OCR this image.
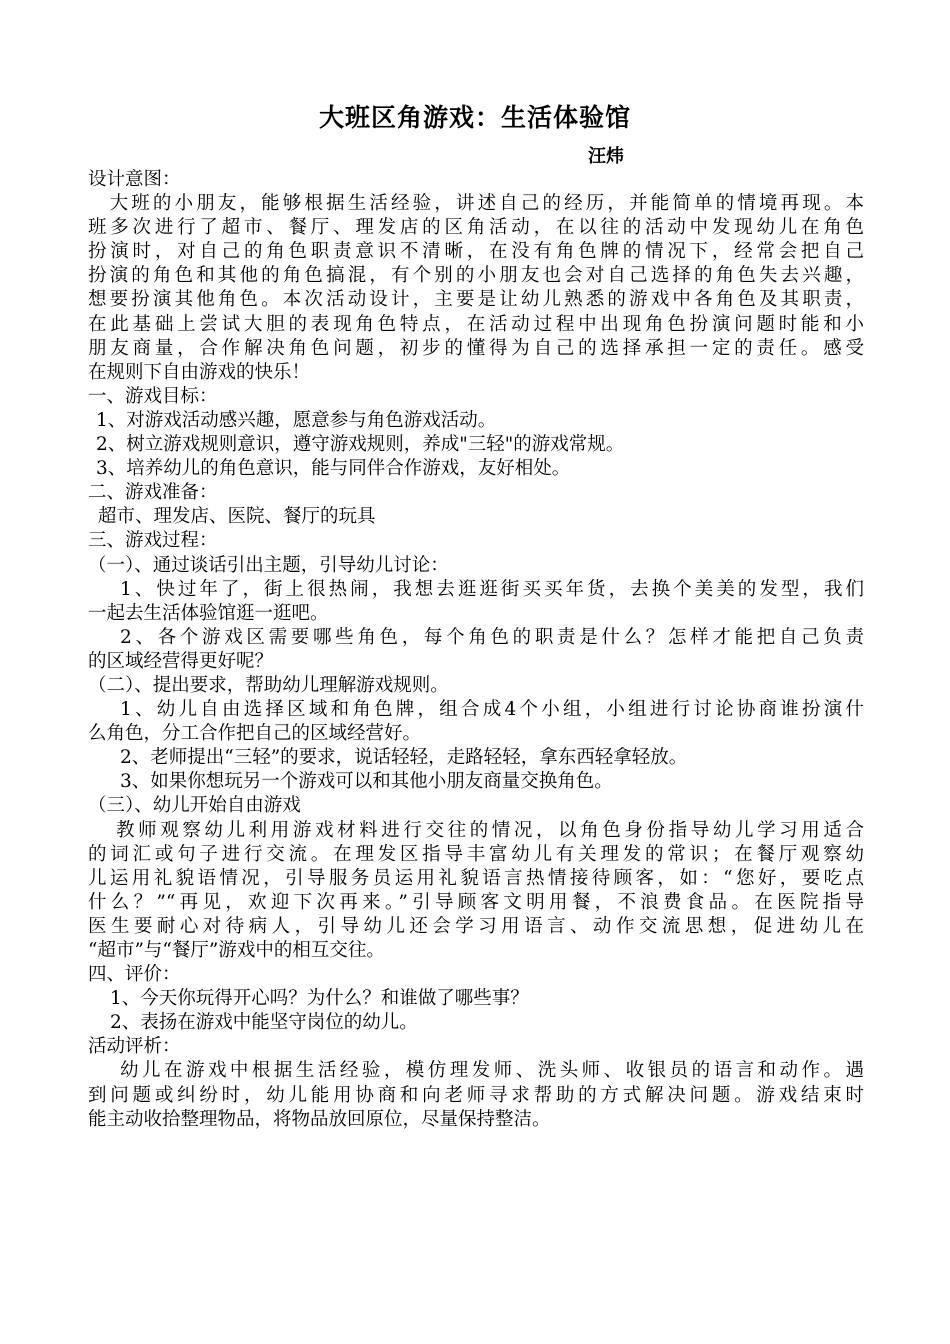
大班区角游戏：生活体验馆
汪炜
设计意图：
　大班的小朋友，能够根据生活经验，讲述自己的经历，并能简单的情境再现。本
班多次进行了超市、餐厅、理发店的区角活动，在以往的活动中发现幼儿在角色
扮演时，对自己的角色职责意识不清晰，在没有角色牌的情况下，经常会把自己
扮演的角色和其他的角色搞混，有个别的小朋友也会对自己选择的角色失去兴趣，
想要扮演其他角色。本次活动设计，主要是让幼儿熟悉的游戏中各角色及其职责，
在此基础上尝试大胆的表现角色特点，在活动过程中出现角色扮演问题时能和小
朋友商量，合作解决角色问题，初步的懂得为自己的选择承担一定的责任。感受
在规则下自由游戏的快乐！
一、游戏目标：
1、对游戏活动感兴趣，愿意参与角色游戏活动。
2、树立游戏规则意识，遵守游戏规则，养成"三轻"的游戏常规。
3、培养幼儿的角色意识，能与同伴合作游戏，友好相处。
二、游戏准备：
超市、理发店、医院、餐厅的玩具
三、游戏过程：
（一）、通过谈话引出主题，引导幼儿讨论：
1、快过年了，街上很热闹，我想去逛逛街买买年货，去换个美美的发型，我们
一起去生活体验馆逛一逛吧。
2、各个游戏区需要哪些角色，每个角色的职责是什么？怎样才能把自己负责
的区域经营得更好呢？
（二）、提出要求，帮助幼儿理解游戏规则。
1、幼儿自由选择区域和角色牌，组合成4个小组，小组进行讨论协商谁扮演什
么角色，分工合作把自己的区域经营好。
2、老师提出“三轻”的要求，说话轻轻，走路轻轻，拿东西轻拿轻放。
3、如果你想玩另一个游戏可以和其他小朋友商量交换角色。
（三）、幼儿开始自由游戏
教师观察幼儿利用游戏材料进行交往的情况，以角色身份指导幼儿学习用适合
的词汇或句子进行交流。在理发区指导丰富幼儿有关理发的常识；在餐厅观察幼
儿运用礼貌语情况，引导服务员运用礼貌语言热情接待顾客，如：“您好，要吃点
什么？”“再见，欢迎下次再来。”引导顾客文明用餐，不浪费食品。在医院指导
医生要耐心对待病人，引导幼儿还会学习用语言、动作交流思想，促进幼儿在
“超市”与“餐厅”游戏中的相互交往。
四、评价：
1、今天你玩得开心吗？为什么？和谁做了哪些事？
2、表扬在游戏中能坚守岗位的幼儿。
活动评析：
幼儿在游戏中根据生活经验，模仿理发师、洗头师、收银员的语言和动作。遇
到问题或纠纷时，幼儿能用协商和向老师寻求帮助的方式解决问题。游戏结束时
能主动收拾整理物品，将物品放回原位，尽量保持整洁。
